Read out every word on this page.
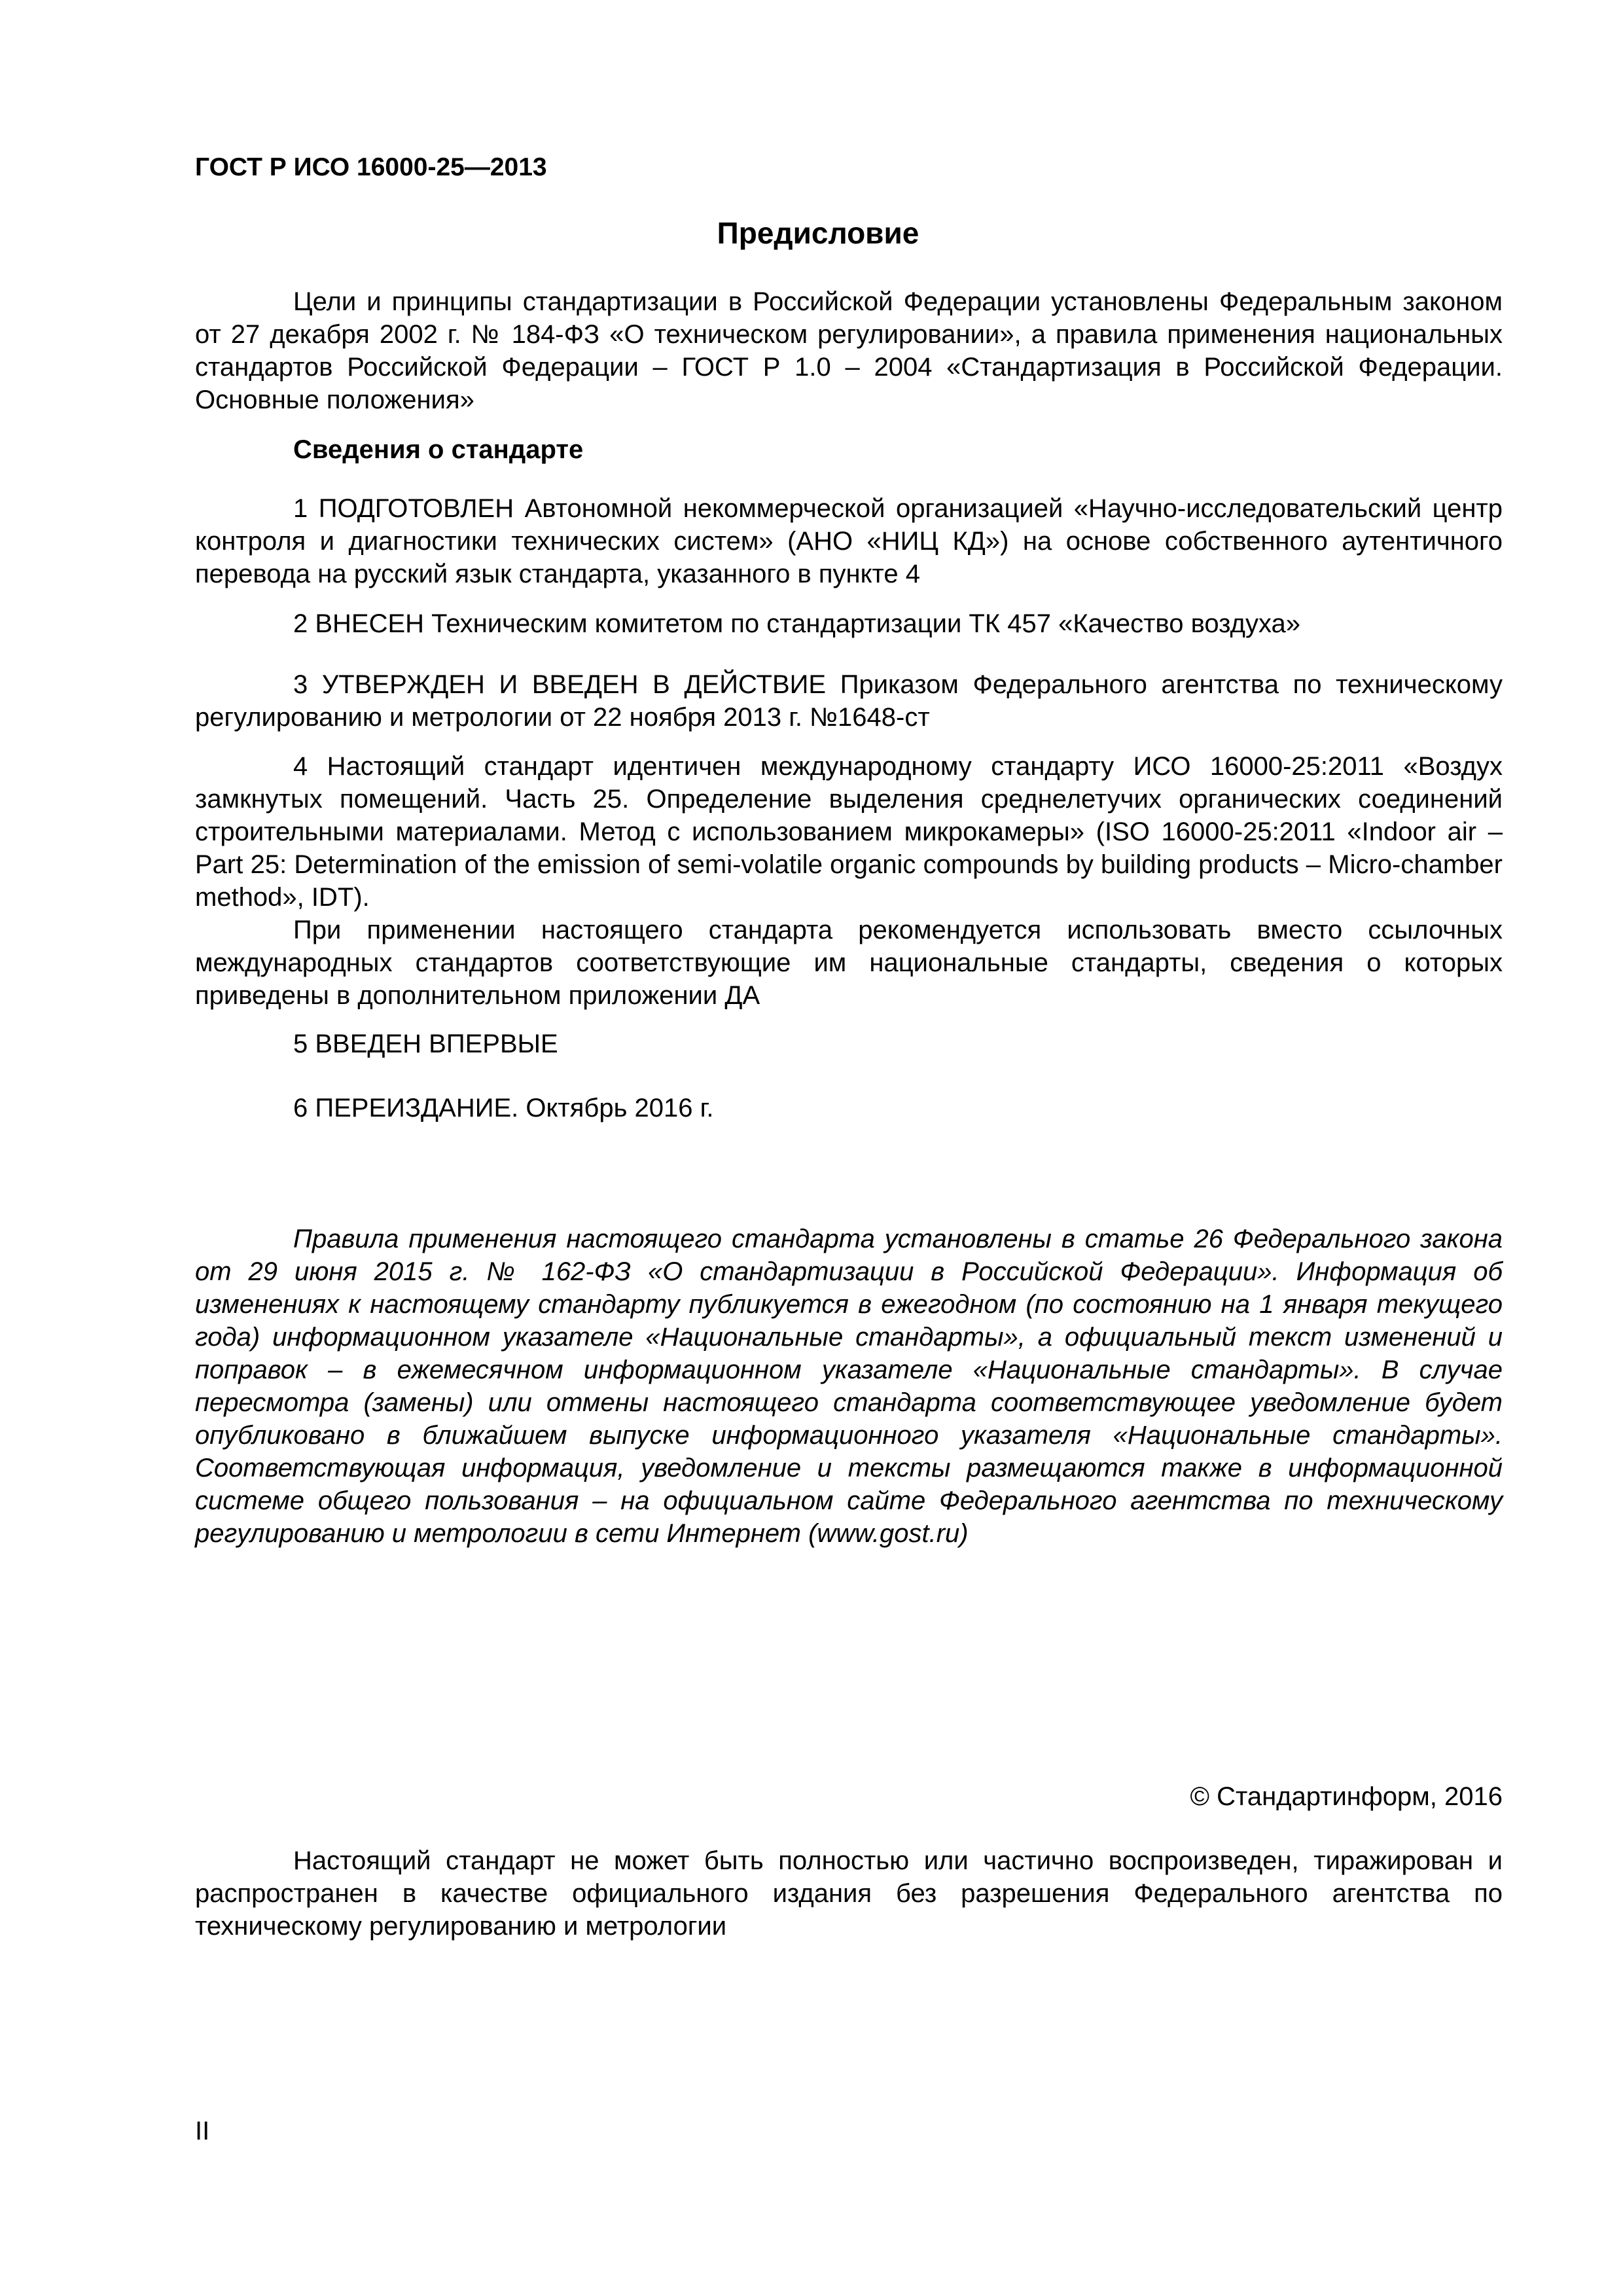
ГОСТ Р ИСО 16000-25—2013
Предисловие

Цели и принципы стандартизации в Российской Федерации установлены Федеральным законом от 27 декабря 2002 г. № 184-ФЗ «О техническом регулировании», а правила применения национальных стандартов Российской Федерации – ГОСТ Р 1.0 – 2004 «Стандартизация в Российской Федерации. Основные положения»

Сведения о стандарте

1 ПОДГОТОВЛЕН Автономной некоммерческой организацией «Научно-исследовательский центр контроля и диагностики технических систем» (АНО «НИЦ КД») на основе собственного аутентичного перевода на русский язык стандарта, указанного в пункте 4

2 ВНЕСЕН Техническим комитетом по стандартизации ТК 457 «Качество воздуха»

3 УТВЕРЖДЕН И ВВЕДЕН В ДЕЙСТВИЕ Приказом Федерального агентства по техническому регулированию и метрологии от 22 ноября 2013 г. №1648-ст

4 Настоящий стандарт идентичен международному стандарту ИСО 16000-25:2011 «Воздух замкнутых помещений. Часть 25. Определение выделения среднелетучих органических соединений строительными материалами. Метод с использованием микрокамеры» (ISO 16000-25:2011 «Indoor air – Part 25: Determination of the emission of semi-volatile organic compounds by building products – Micro-chamber method», IDT).

При применении настоящего стандарта рекомендуется использовать вместо ссылочных международных стандартов соответствующие им национальные стандарты, сведения о которых приведены в дополнительном приложении ДА

5 ВВЕДЕН ВПЕРВЫЕ

6 ПЕРЕИЗДАНИЕ. Октябрь 2016 г.

Правила применения настоящего стандарта установлены в статье 26 Федерального закона от 29 июня 2015 г. № 162-ФЗ «О стандартизации в Российской Федерации». Информация об изменениях к настоящему стандарту публикуется в ежегодном (по состоянию на 1 января текущего года) информационном указателе «Национальные стандарты», а официальный текст изменений и поправок – в ежемесячном информационном указателе «Национальные стандарты». В случае пересмотра (замены) или отмены настоящего стандарта соответствующее уведомление будет опубликовано в ближайшем выпуске информационного указателя «Национальные стандарты». Соответствующая информация, уведомление и тексты размещаются также в информационной системе общего пользования – на официальном сайте Федерального агентства по техническому регулированию и метрологии в сети Интернет (www.gost.ru)

© Стандартинформ, 2016

Настоящий стандарт не может быть полностью или частично воспроизведен, тиражирован и распространен в качестве официального издания без разрешения Федерального агентства по техническому регулированию и метрологии

II
